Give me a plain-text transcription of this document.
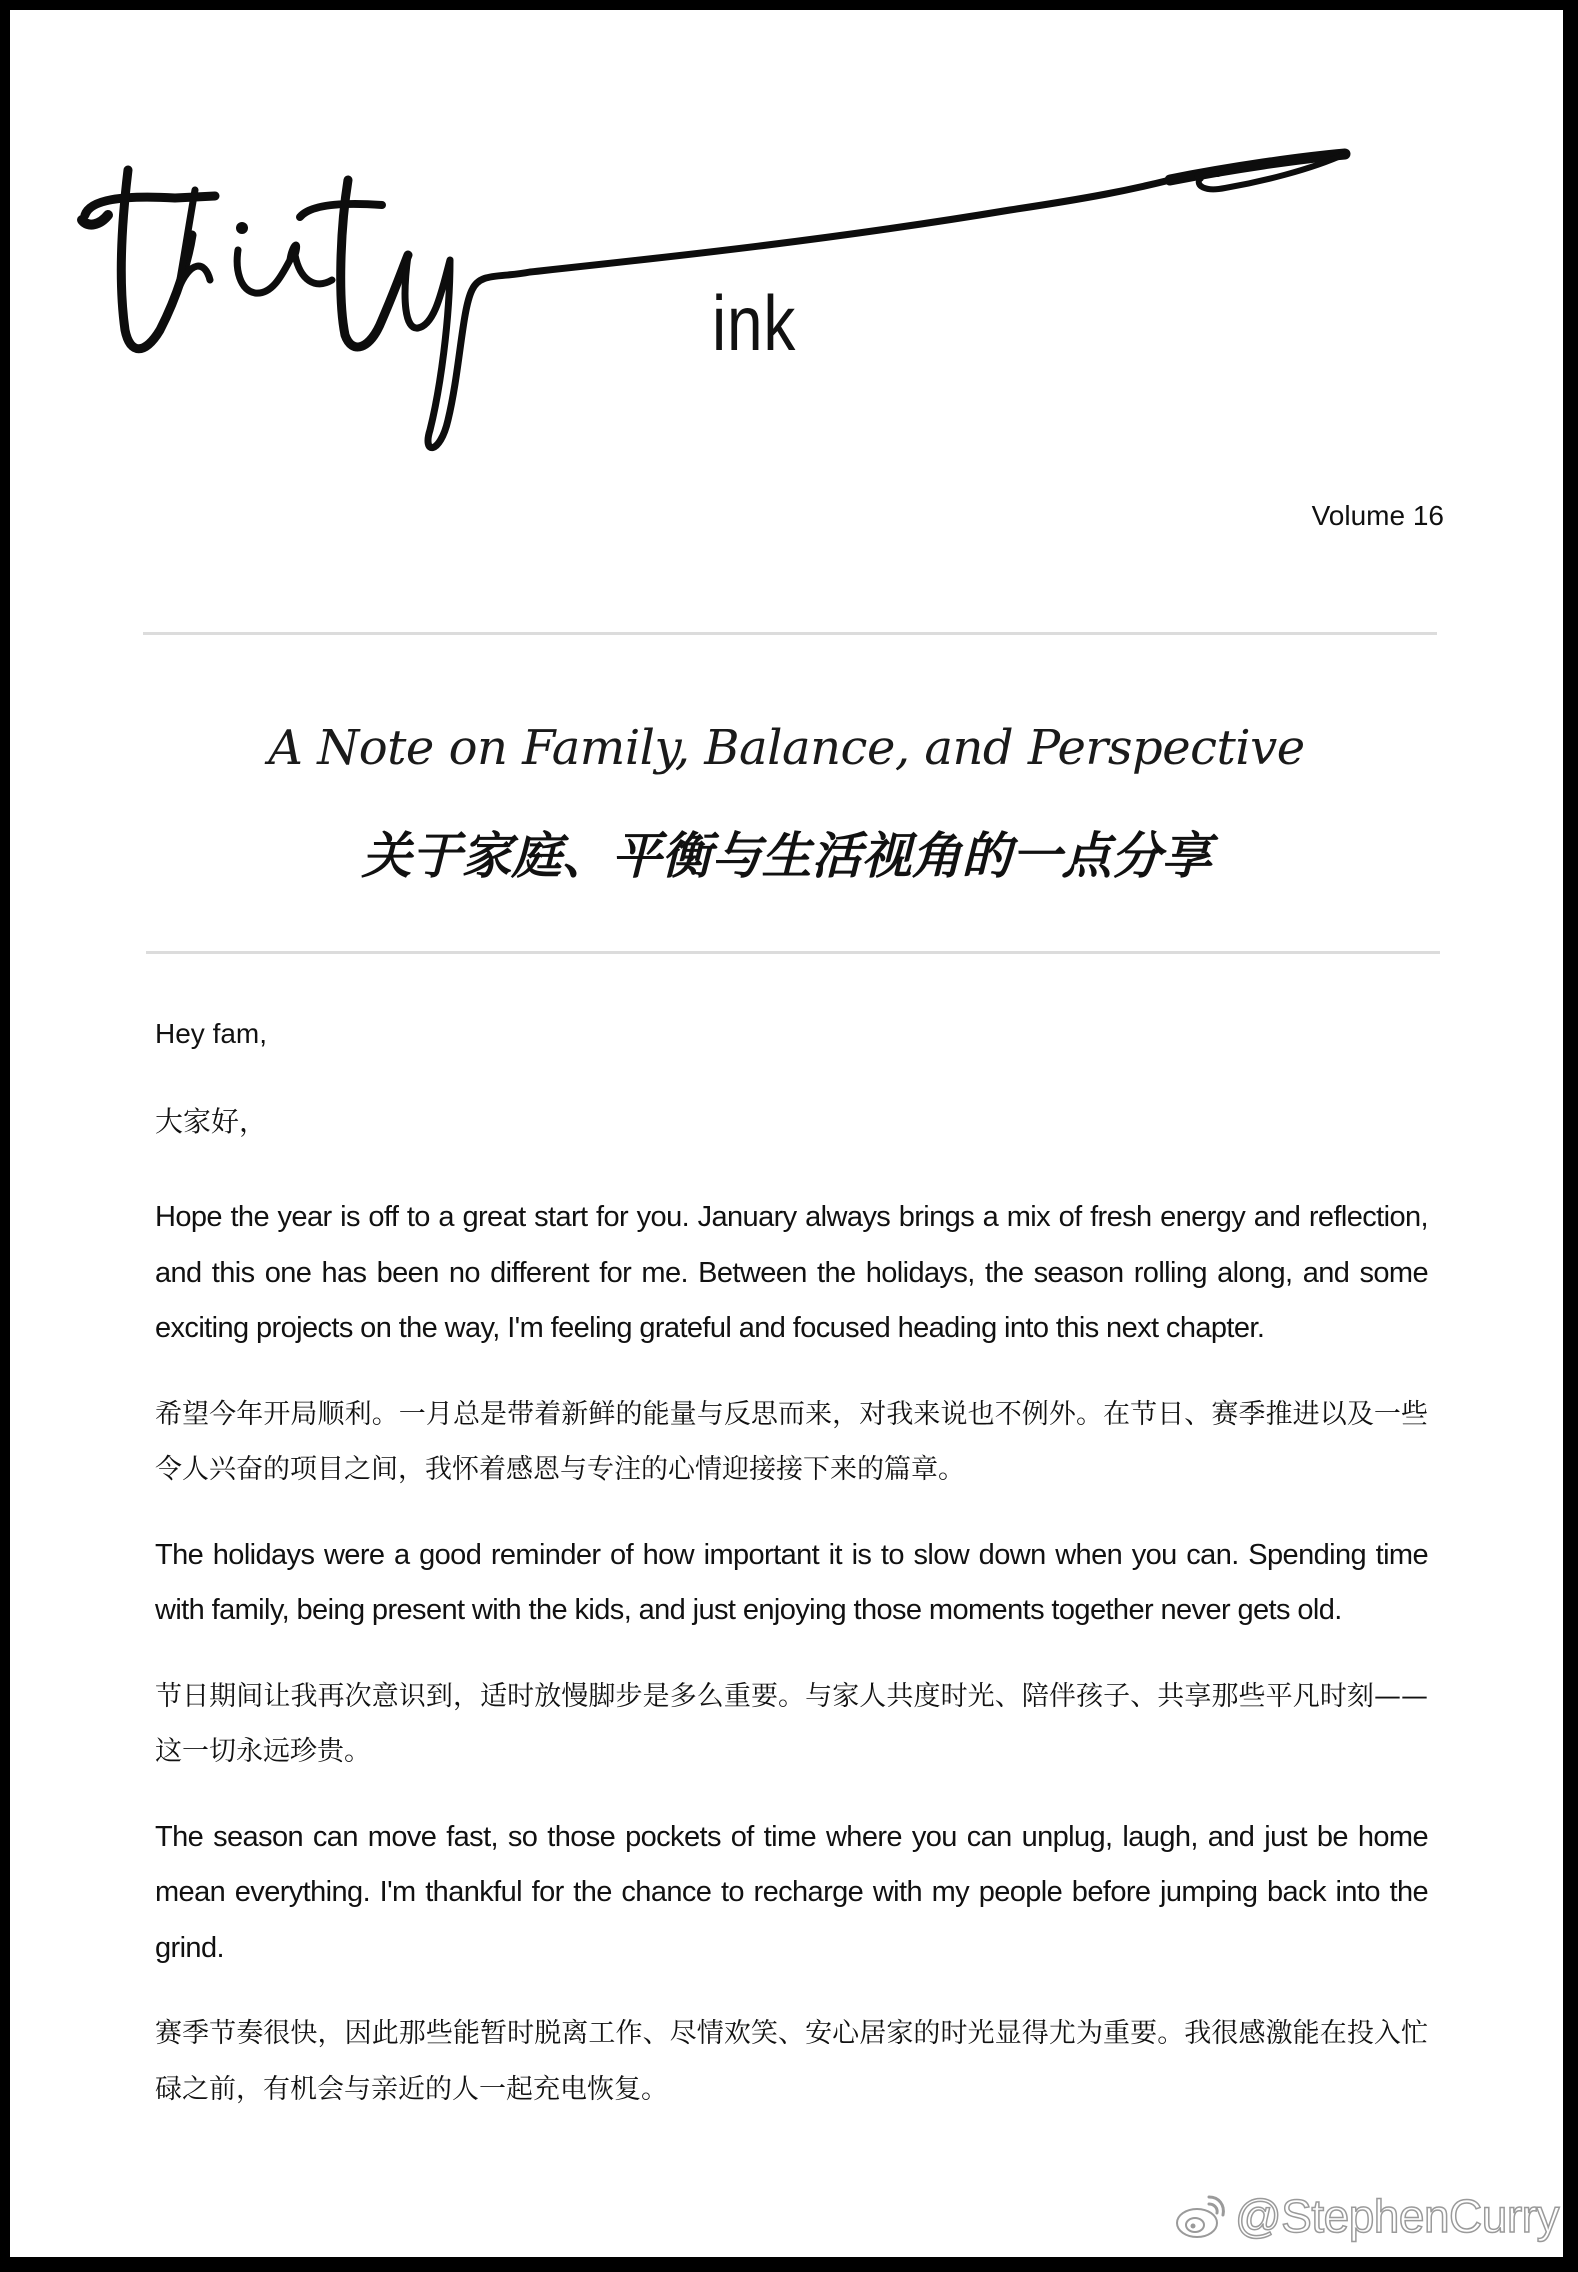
ink
Volume 16
A Note on Family, Balance, and Perspective
关于家庭、平衡与生活视角的一点分享

Hey fam,

大家好，

Hope the year is off to a great start for you. January always brings a mix of fresh energy and reflection, and this one has been no different for me. Between the holidays, the season rolling along, and some exciting projects on the way, I'm feeling grateful and focused heading into this next chapter.

希望今年开局顺利。一月总是带着新鲜的能量与反思而来，对我来说也不例外。在节日、赛季推进以及一些令人兴奋的项目之间，我怀着感恩与专注的心情迎接接下来的篇章。

The holidays were a good reminder of how important it is to slow down when you can. Spending time with family, being present with the kids, and just enjoying those moments together never gets old.

节日期间让我再次意识到，适时放慢脚步是多么重要。与家人共度时光、陪伴孩子、共享那些平凡时刻——这一切永远珍贵。

The season can move fast, so those pockets of time where you can unplug, laugh, and just be home mean everything. I'm thankful for the chance to recharge with my people before jumping back into the grind.

赛季节奏很快，因此那些能暂时脱离工作、尽情欢笑、安心居家的时光显得尤为重要。我很感激能在投入忙碌之前，有机会与亲近的人一起充电恢复。

@StephenCurry
